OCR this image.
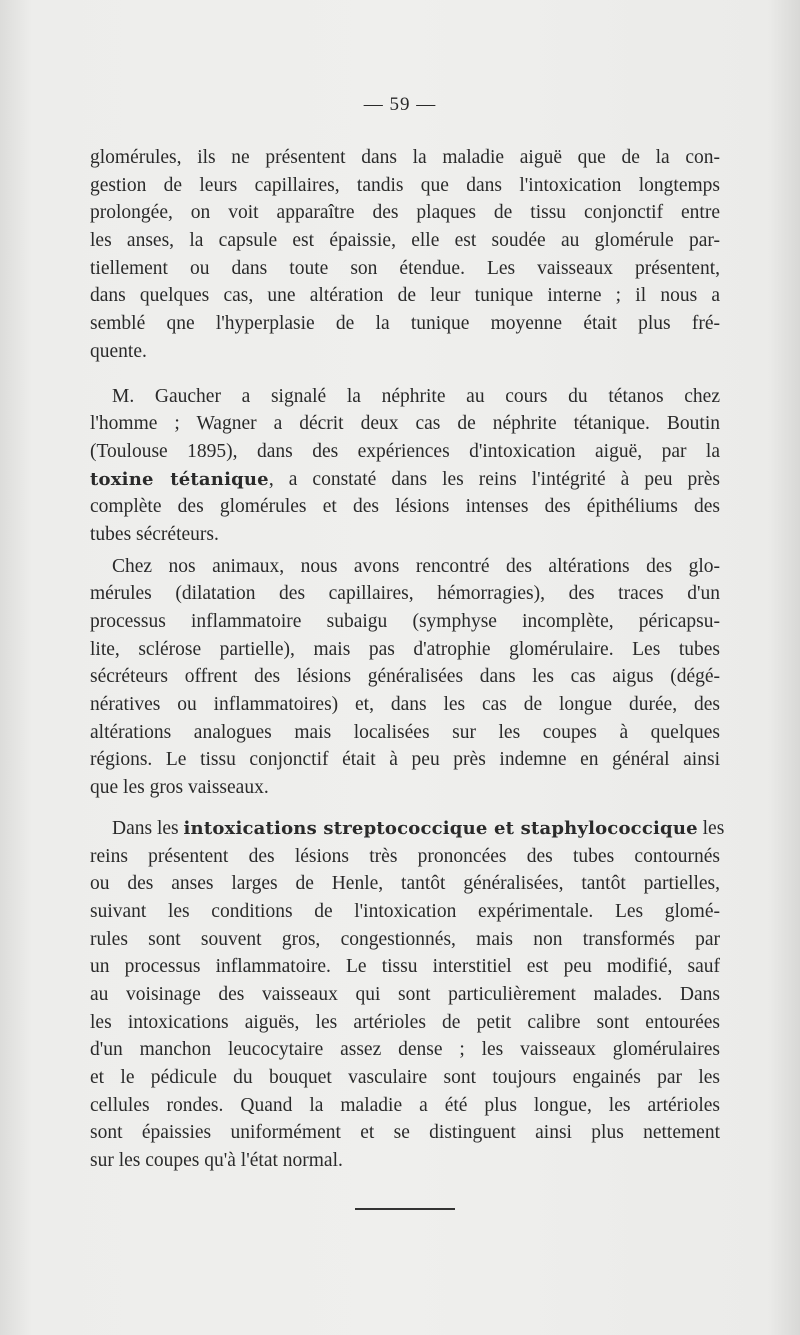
— 59 —
glomérules, ils ne présentent dans la maladie aiguë que de la con-
gestion de leurs capillaires, tandis que dans l'intoxication longtemps
prolongée, on voit apparaître des plaques de tissu conjonctif entre
les anses, la capsule est épaissie, elle est soudée au glomérule par-
tiellement ou dans toute son étendue. Les vaisseaux présentent,
dans quelques cas, une altération de leur tunique interne ; il nous a
semblé qne l'hyperplasie de la tunique moyenne était plus fré-
quente.
M. Gaucher a signalé la néphrite au cours du tétanos chez
l'homme ; Wagner a décrit deux cas de néphrite tétanique. Boutin
(Toulouse 1895), dans des expériences d'intoxication aiguë, par la
toxine tétanique, a constaté dans les reins l'intégrité à peu près
complète des glomérules et des lésions intenses des épithéliums des
tubes sécréteurs.
Chez nos animaux, nous avons rencontré des altérations des glo-
mérules (dilatation des capillaires, hémorragies), des traces d'un
processus inflammatoire subaigu (symphyse incomplète, péricapsu-
lite, sclérose partielle), mais pas d'atrophie glomérulaire. Les tubes
sécréteurs offrent des lésions généralisées dans les cas aigus (dégé-
nératives ou inflammatoires) et, dans les cas de longue durée, des
altérations analogues mais localisées sur les coupes à quelques
régions. Le tissu conjonctif était à peu près indemne en général ainsi
que les gros vaisseaux.
Dans les intoxications streptococcique et staphylococcique les
reins présentent des lésions très prononcées des tubes contournés
ou des anses larges de Henle, tantôt généralisées, tantôt partielles,
suivant les conditions de l'intoxication expérimentale. Les glomé-
rules sont souvent gros, congestionnés, mais non transformés par
un processus inflammatoire. Le tissu interstitiel est peu modifié, sauf
au voisinage des vaisseaux qui sont particulièrement malades. Dans
les intoxications aiguës, les artérioles de petit calibre sont entourées
d'un manchon leucocytaire assez dense ; les vaisseaux glomérulaires
et le pédicule du bouquet vasculaire sont toujours engainés par les
cellules rondes. Quand la maladie a été plus longue, les artérioles
sont épaissies uniformément et se distinguent ainsi plus nettement
sur les coupes qu'à l'état normal.
